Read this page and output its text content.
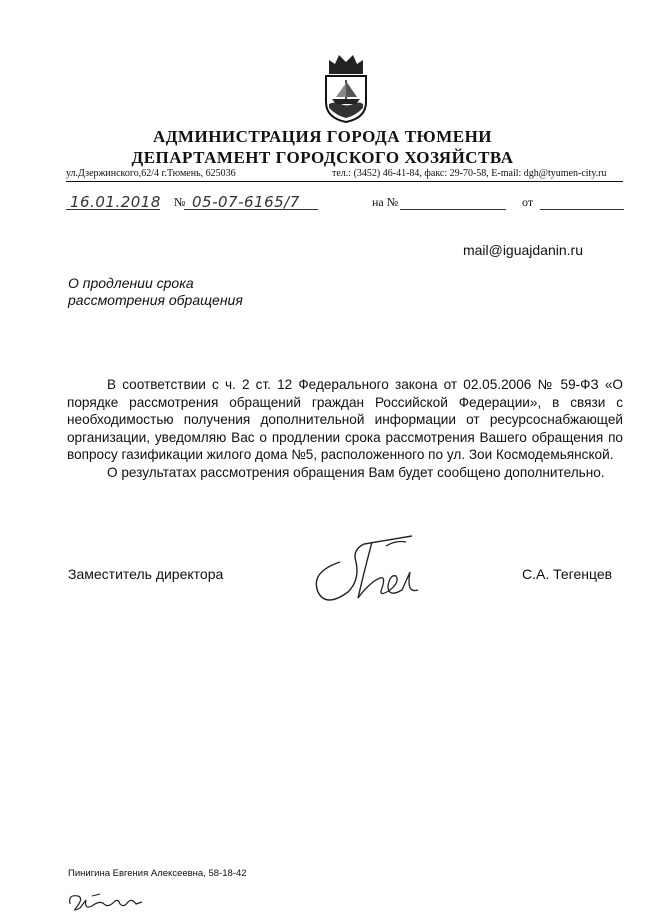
АДМИНИСТРАЦИЯ ГОРОДА ТЮМЕНИ
ДЕПАРТАМЕНТ ГОРОДСКОГО ХОЗЯЙСТВА
ул.Дзержинского,62/4 г.Тюмень, 625036	тел.: (3452) 46-41-84, факс: 29-70-58, E-mail: dgh@tyumen-city.ru
16.01.2018 № 05-07-6165/7	на №	от
mail@iguajdanin.ru
О продлении срока
рассмотрения обращения

В соответствии с ч. 2 ст. 12 Федерального закона от 02.05.2006 № 59-ФЗ «О порядке рассмотрения обращений граждан Российской Федерации», в связи с необходимостью получения дополнительной информации от ресурсоснабжающей организации, уведомляю Вас о продлении срока рассмотрения Вашего обращения по вопросу газификации жилого дома №5, расположенного по ул. Зои Космодемьянской.

О результатах рассмотрения обращения Вам будет сообщено дополнительно.

Заместитель директора	С.А. Тегенцев
Пинигина Евгения Алексеевна, 58-18-42
